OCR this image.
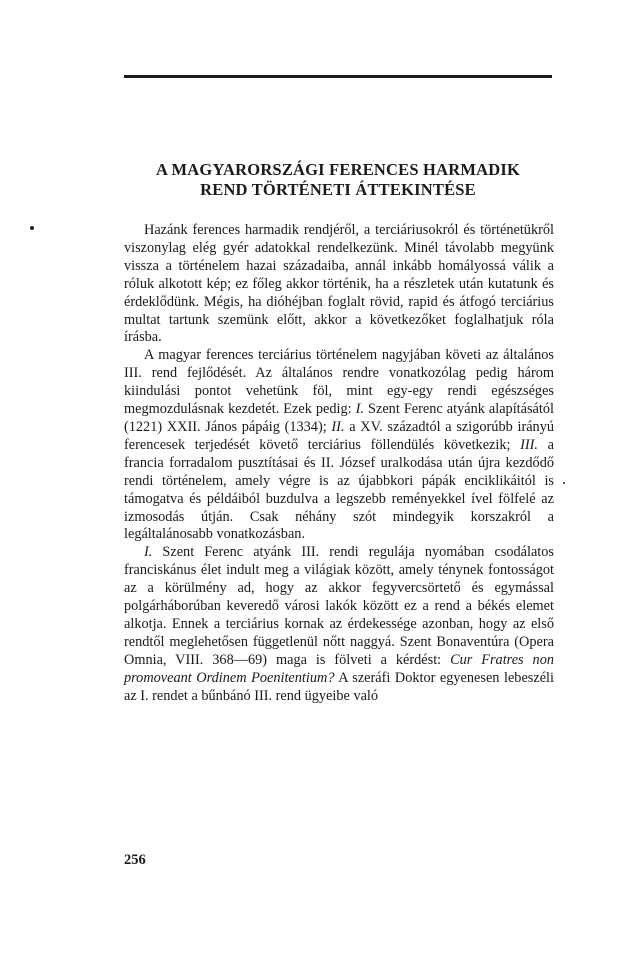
A MAGYARORSZÁGI FERENCES HARMADIK
REND TÖRTÉNETI ÁTTEKINTÉSE

Hazánk ferences harmadik rendjéről, a terciáriusokról és történetükről viszonylag elég gyér adatokkal rendelkezünk. Minél távolabb megyünk vissza a történelem hazai századaiba, annál inkább homályossá válik a róluk alkotott kép; ez főleg akkor történik, ha a részletek után kutatunk és érdeklődünk. Mégis, ha dióhéjban foglalt rövid, rapid és átfogó terciárius multat tartunk szemünk előtt, akkor a következőket foglalhatjuk róla írásba.

A magyar ferences terciárius történelem nagyjában követi az általános III. rend fejlődését. Az általános rendre vonatkozólag pedig három kiindulási pontot vehetünk föl, mint egy-egy rendi egészséges megmozdulásnak kezdetét. Ezek pedig: I. Szent Ferenc atyánk alapításától (1221) XXII. János pápáig (1334); II. a XV. századtól a szigorúbb irányú ferencesek terjedését követő terciárius föllendülés következik; III. a francia forradalom pusztításai és II. József uralkodása után újra kezdődő rendi történelem, amely végre is az újabbkori pápák enciklikáitól is támogatva és példáiból buzdulva a legszebb reményekkel ível fölfelé az izmosodás útján. Csak néhány szót mindegyik korszakról a legáltalánosabb vonatkozásban.

I. Szent Ferenc atyánk III. rendi regulája nyomában csodálatos franciskánus élet indult meg a világiak között, amely ténynek fontosságot az a körülmény ad, hogy az akkor fegyvercsörtető és egymással polgárháborúban keveredő városi lakók között ez a rend a békés elemet alkotja. Ennek a terciárius kornak az érdekessége azonban, hogy az első rendtől meglehetősen függetlenül nőtt naggyá. Szent Bonaventúra (Opera Omnia, VIII. 368—69) maga is fölveti a kérdést: Cur Fratres non promoveant Ordinem Poenitentium? A szeráfi Doktor egyenesen lebeszéli az I. rendet a bűnbánó III. rend ügyeibe való

256
